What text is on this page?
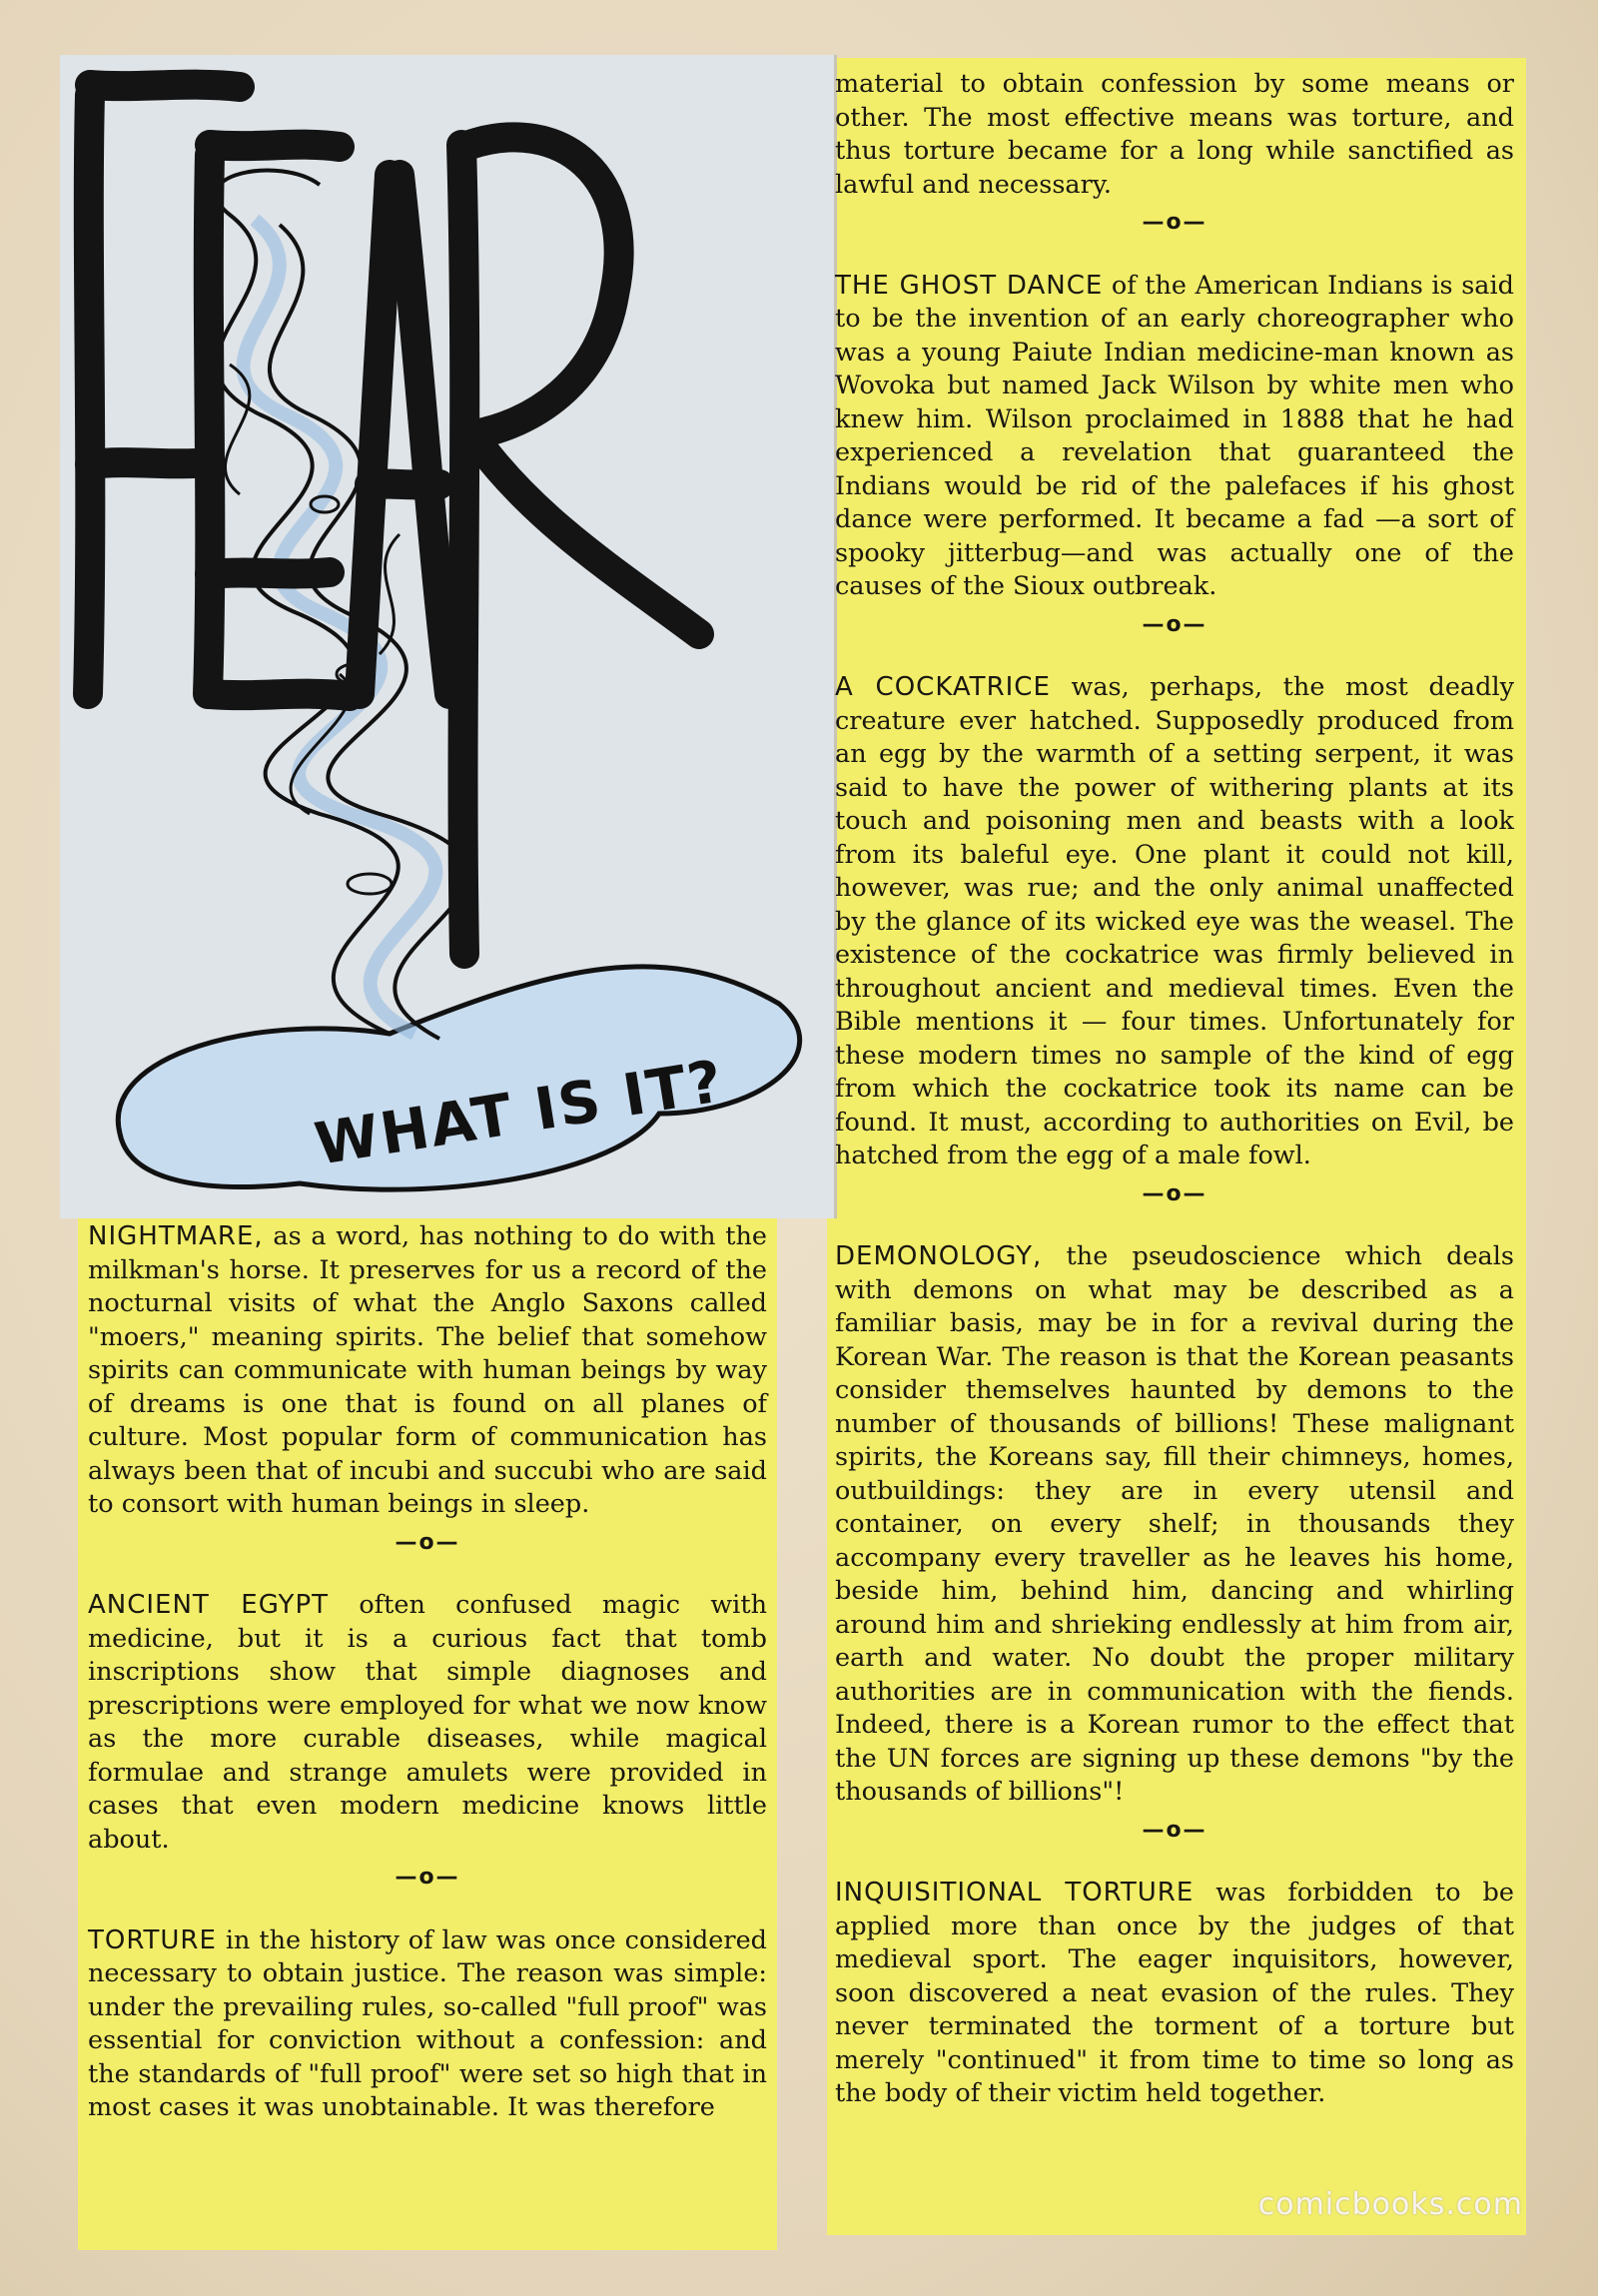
WHAT IS IT?

NIGHTMARE, as a word, has nothing to do with the milkman's horse. It preserves for us a record of the nocturnal visits of what the Anglo Saxons called "moers," meaning spirits. The belief that somehow spirits can communicate with human beings by way of dreams is one that is found on all planes of culture. Most popular form of communication has always been that of incubi and succubi who are said to consort with human beings in sleep.

—o—

ANCIENT EGYPT often confused magic with medicine, but it is a curious fact that tomb inscriptions show that simple diagnoses and prescriptions were employed for what we now know as the more curable diseases, while magical formulae and strange amulets were provided in cases that even modern medicine knows little about.

—o—

TORTURE in the history of law was once considered necessary to obtain justice. The reason was simple: under the prevailing rules, so-called "full proof" was essential for conviction without a confession: and the standards of "full proof" were set so high that in most cases it was unobtainable. It was therefore

material to obtain confession by some means or other. The most effective means was torture, and thus torture became for a long while sanctified as lawful and necessary.

—o—

THE GHOST DANCE of the American Indians is said to be the invention of an early choreographer who was a young Paiute Indian medicine-man known as Wovoka but named Jack Wilson by white men who knew him. Wilson proclaimed in 1888 that he had experienced a revelation that guaranteed the Indians would be rid of the palefaces if his ghost dance were performed. It became a fad —a sort of spooky jitterbug—and was actually one of the causes of the Sioux outbreak.

—o—

A COCKATRICE was, perhaps, the most deadly creature ever hatched. Supposedly produced from an egg by the warmth of a setting serpent, it was said to have the power of withering plants at its touch and poisoning men and beasts with a look from its baleful eye. One plant it could not kill, however, was rue; and the only animal unaffected by the glance of its wicked eye was the weasel. The existence of the cockatrice was firmly believed in throughout ancient and medieval times. Even the Bible mentions it — four times. Unfortunately for these modern times no sample of the kind of egg from which the cockatrice took its name can be found. It must, according to authorities on Evil, be hatched from the egg of a male fowl.

—o—

DEMONOLOGY, the pseudoscience which deals with demons on what may be described as a familiar basis, may be in for a revival during the Korean War. The reason is that the Korean peasants consider themselves haunted by demons to the number of thousands of billions! These malignant spirits, the Koreans say, fill their chimneys, homes, outbuildings: they are in every utensil and container, on every shelf; in thousands they accompany every traveller as he leaves his home, beside him, behind him, dancing and whirling around him and shrieking endlessly at him from air, earth and water. No doubt the proper military authorities are in communication with the fiends. Indeed, there is a Korean rumor to the effect that the UN forces are signing up these demons "by the thousands of billions"!

—o—

INQUISITIONAL TORTURE was forbidden to be applied more than once by the judges of that medieval sport. The eager inquisitors, however, soon discovered a neat evasion of the rules. They never terminated the torment of a torture but merely "continued" it from time to time so long as the body of their victim held together.

comicbooks.com
